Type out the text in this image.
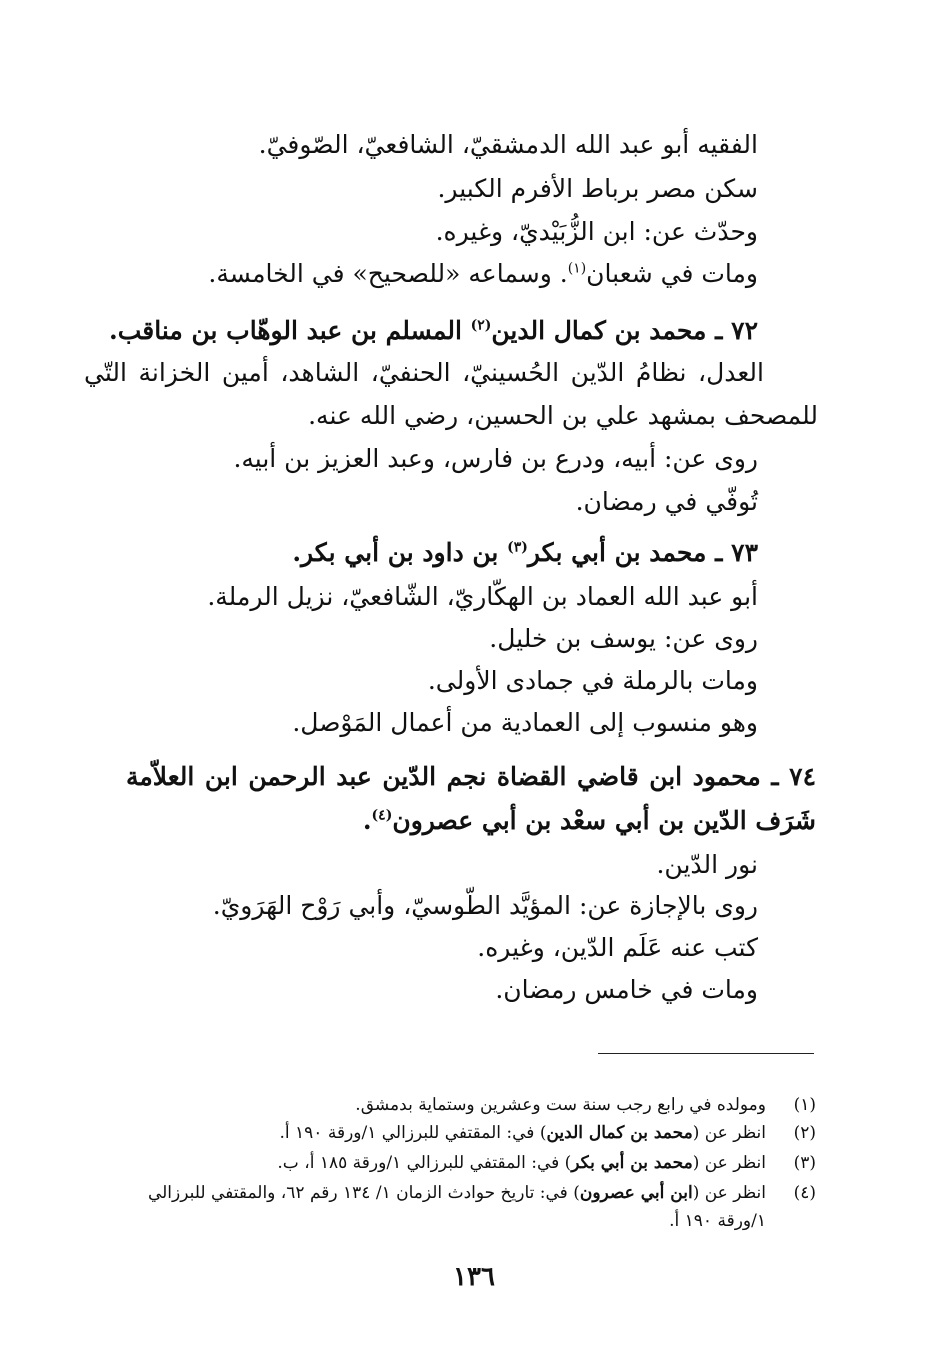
الفقيه أبو عبد الله الدمشقيّ، الشافعيّ، الصّوفيّ.
سكن مصر برباط الأفرم الكبير.
وحدّث عن: ابن الزُّبَيْديّ، وغيره.
ومات في شعبان$^{(١)}$. وسماعه «للصحيح» في الخامسة.
٧٢ ـ محمد بن كمال الدين$^{(٢)}$ المسلم بن عبد الوهّاب بن مناقب.
العدل، نظامُ الدّين الحُسينيّ، الحنفيّ، الشاهد، أمين الخزانة التّي
للمصحف بمشهد علي بن الحسين، رضي الله عنه.
روى عن: أبيه، ودرع بن فارس، وعبد العزيز بن أبيه.
تُوفّي في رمضان.
٧٣ ـ محمد بن أبي بكر$^{(٣)}$ بن داود بن أبي بكر.
أبو عبد الله العماد بن الهكّاريّ، الشّافعيّ، نزيل الرملة.
روى عن: يوسف بن خليل.
ومات بالرملة في جمادى الأولى.
وهو منسوب إلى العمادية من أعمال المَوْصل.
٧٤ ـ محمود ابن قاضي القضاة نجم الدّين عبد الرحمن ابن العلاّمة
شَرَف الدّين بن أبي سعْد بن أبي عصرون$^{(٤)}$.
نور الدّين.
روى بالإجازة عن: المؤيَّد الطّوسيّ، وأبي رَوْح الهَرَويّ.
كتب عنه عَلَم الدّين، وغيره.
ومات في خامس رمضان.
(١)ومولده في رابع رجب سنة ست وعشرين وستماية بدمشق.
(٢)انظر عن (محمد بن كمال الدين) في: المقتفي للبرزالي ١/ورقة ١٩٠ أ.
(٣)انظر عن (محمد بن أبي بكر) في: المقتفي للبرزالي ١/ورقة ١٨٥ أ، ب.
(٤)انظر عن (ابن أبي عصرون) في: تاريخ حوادث الزمان ١/ ١٣٤ رقم ٦٢، والمقتفي للبرزالي
١/ورقة ١٩٠ أ.
١٣٦
